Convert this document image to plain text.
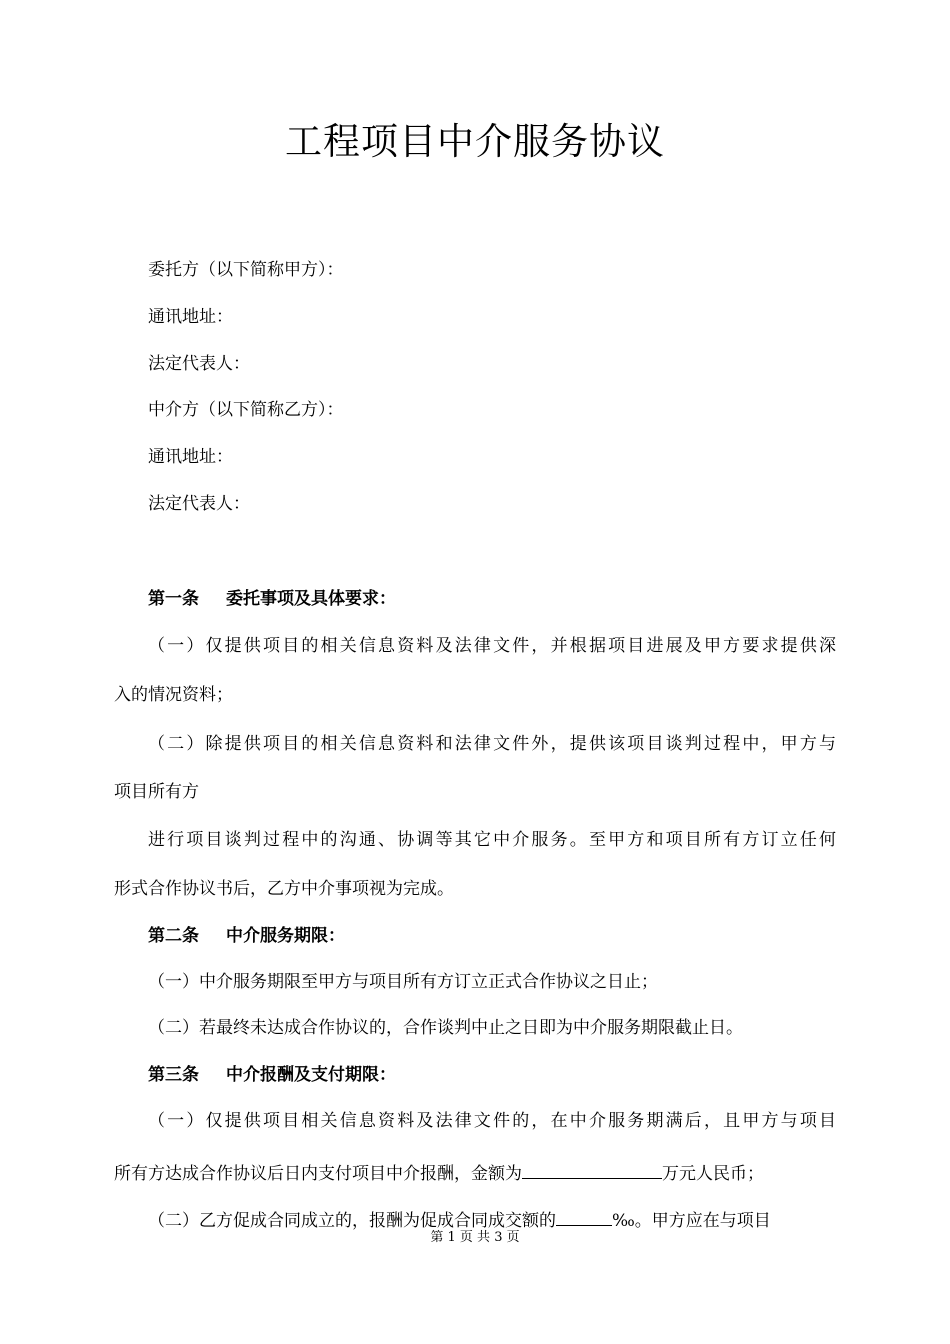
工程项目中介服务协议
委托方（以下简称甲方）：
通讯地址：
法定代表人：
中介方（以下简称乙方）：
通讯地址：
法定代表人：
第一条 委托事项及具体要求：
（一）仅提供项目的相关信息资料及法律文件，并根据项目进展及甲方要求提供深
入的情况资料；
（二）除提供项目的相关信息资料和法律文件外，提供该项目谈判过程中，甲方与
项目所有方
进行项目谈判过程中的沟通、协调等其它中介服务。至甲方和项目所有方订立任何
形式合作协议书后，乙方中介事项视为完成。
第二条 中介服务期限：
（一）中介服务期限至甲方与项目所有方订立正式合作协议之日止；
（二）若最终未达成合作协议的，合作谈判中止之日即为中介服务期限截止日。
第三条 中介报酬及支付期限：
（一）仅提供项目相关信息资料及法律文件的，在中介服务期满后，且甲方与项目
所有方达成合作协议后日内支付项目中介报酬，金额为	万元人民币；
（二）乙方促成合同成立的，报酬为促成合同成交额的	‰。甲方应在与项目
第 1 页 共 3 页
